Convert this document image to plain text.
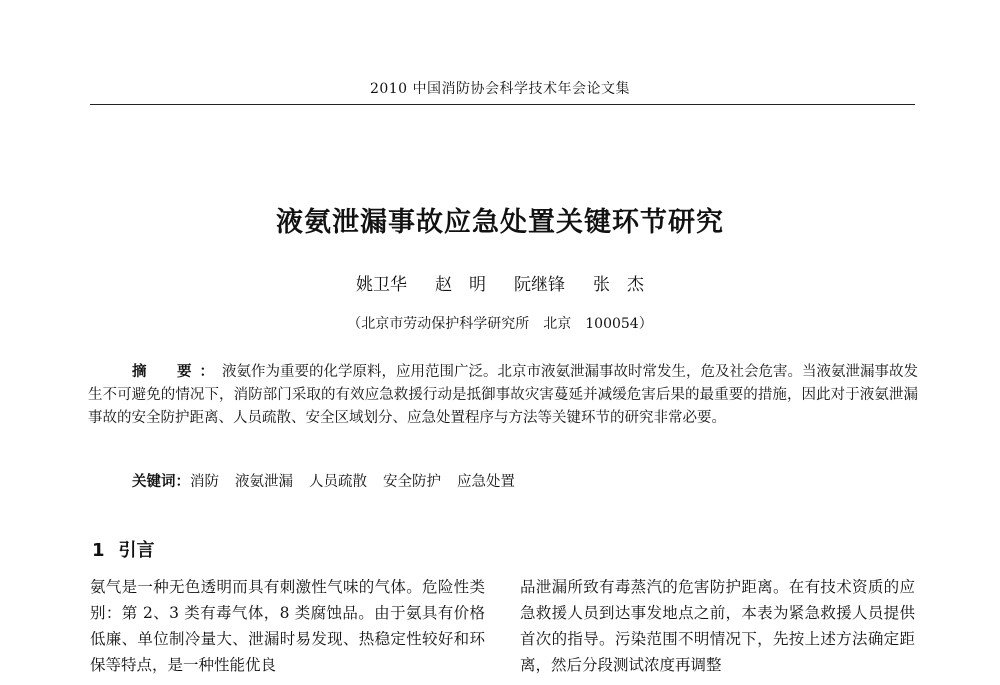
2010 中国消防协会科学技术年会论文集
液氨泄漏事故应急处置关键环节研究
姚卫华 赵　明 阮继锋 张　杰
（北京市劳动保护科学研究所　北京　100054）
摘　要：液氨作为重要的化学原料，应用范围广泛。北京市液氨泄漏事故时常发生，危及社会危害。当液氨泄漏事故发生不可避免的情况下，消防部门采取的有效应急救援行动是抵御事故灾害蔓延并减缓危害后果的最重要的措施，因此对于液氨泄漏事故的安全防护距离、人员疏散、安全区域划分、应急处置程序与方法等关键环节的研究非常必要。
关键词：消防 液氨泄漏 人员疏散 安全防护 应急处置
1 引言

氨气是一种无色透明而具有刺激性气味的气体。危险性类别：第 2、3 类有毒气体，8 类腐蚀品。由于氨具有价格低廉、单位制冷量大、泄漏时易发现、热稳定性较好和环保等特点，是一种性能优良

品泄漏所致有毒蒸汽的危害防护距离。在有技术资质的应急救援人员到达事发地点之前，本表为紧急救援人员提供首次的指导。污染范围不明情况下，先按上述方法确定距离，然后分段测试浓度再调整
